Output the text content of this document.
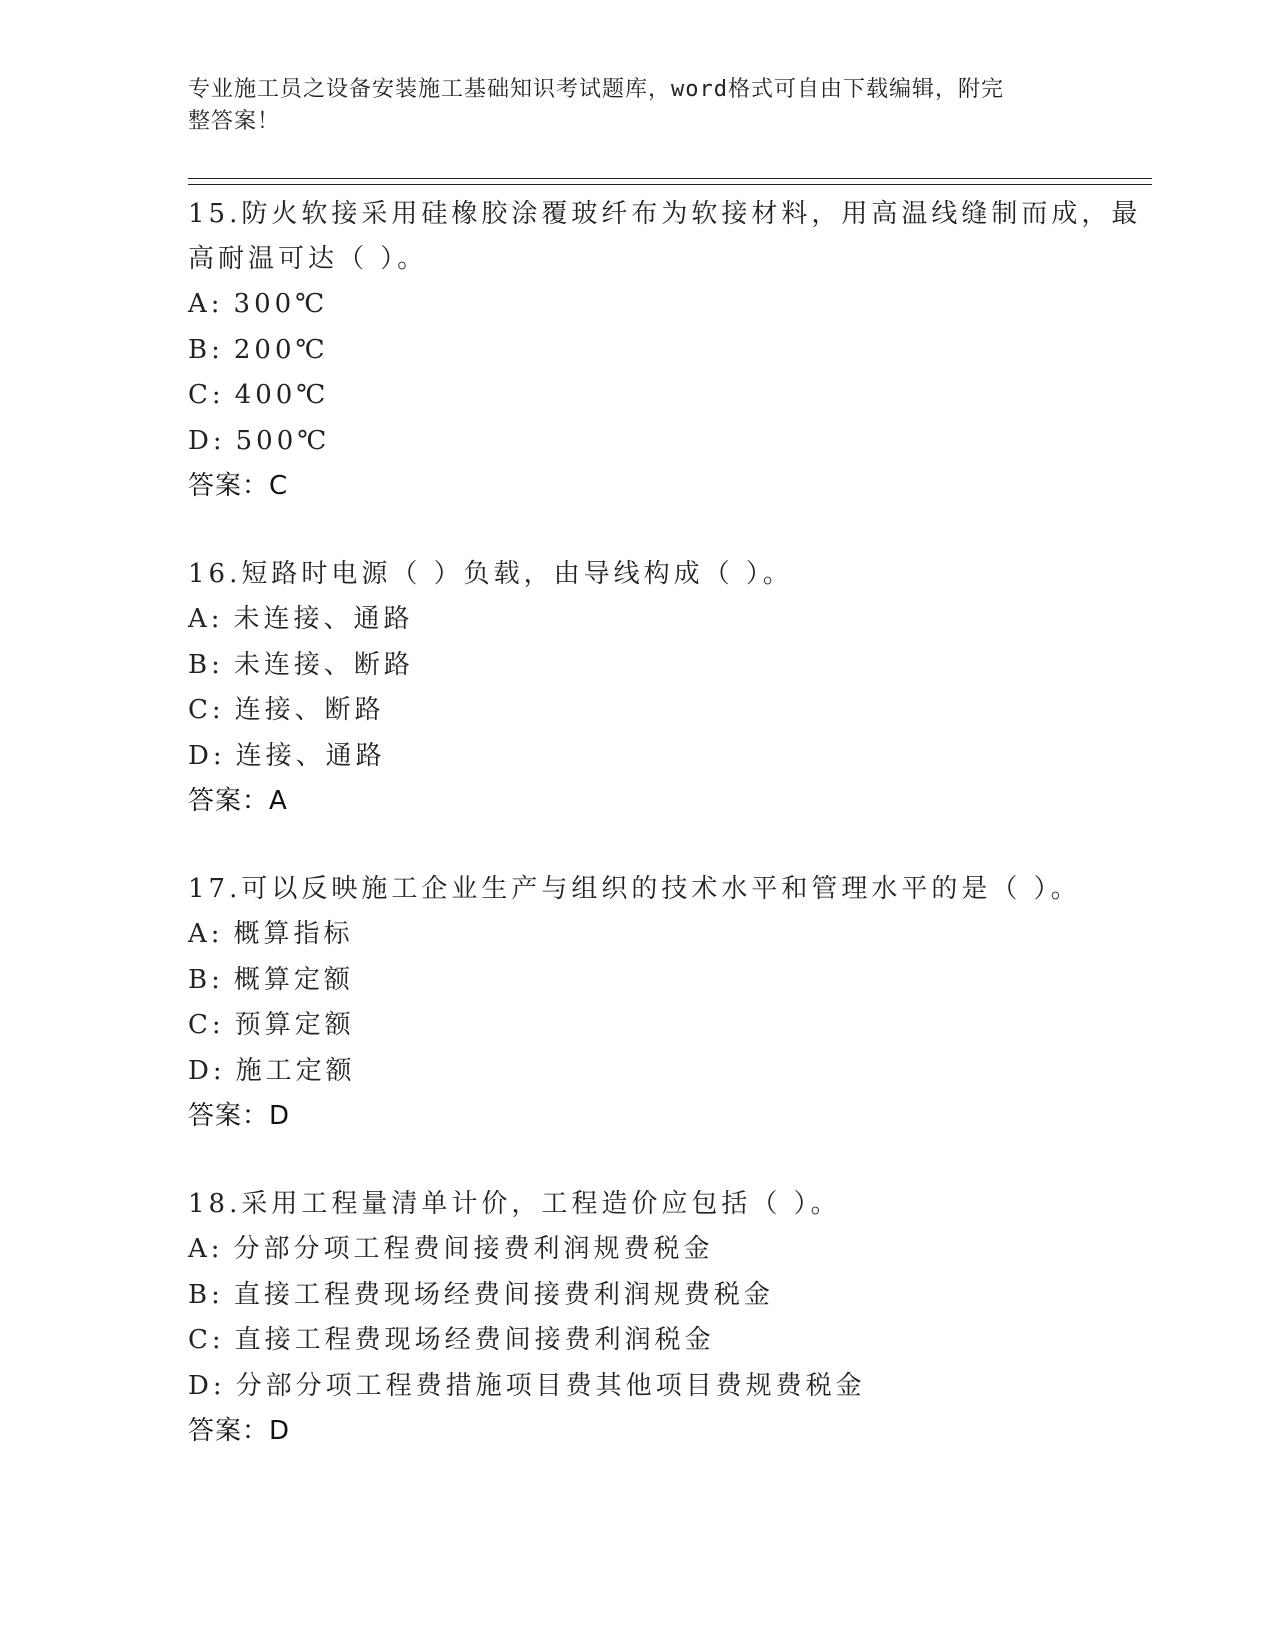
专业施工员之设备安装施工基础知识考试题库，word格式可自由下载编辑，附完
整答案！

15.防火软接采用硅橡胶涂覆玻纤布为软接材料，用高温线缝制而成，最高耐温可达（ ）。

A: 300℃

B: 200℃

C: 400℃

D: 500℃

答案：C

16.短路时电源（ ）负载，由导线构成（ ）。

A: 未连接、通路

B: 未连接、断路

C: 连接、断路

D: 连接、通路

答案：A

17.可以反映施工企业生产与组织的技术水平和管理水平的是（ ）。

A: 概算指标

B: 概算定额

C: 预算定额

D: 施工定额

答案：D

18.采用工程量清单计价，工程造价应包括（ ）。

A: 分部分项工程费间接费利润规费税金

B: 直接工程费现场经费间接费利润规费税金

C: 直接工程费现场经费间接费利润税金

D: 分部分项工程费措施项目费其他项目费规费税金

答案：D
